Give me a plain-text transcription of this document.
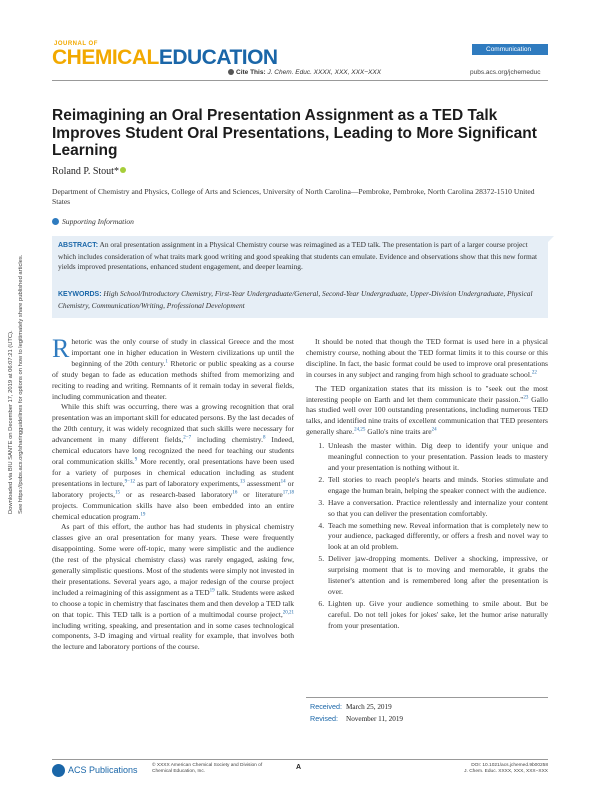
JOURNAL OF
CHEMICALEDUCATION
Cite This: J. Chem. Educ. XXXX, XXX, XXX−XXX
Communication
pubs.acs.org/jchemeduc
Reimagining an Oral Presentation Assignment as a TED Talk Improves Student Oral Presentations, Leading to More Significant Learning
Roland P. Stout*
Department of Chemistry and Physics, College of Arts and Sciences, University of North Carolina—Pembroke, Pembroke, North Carolina 28372-1510 United States
Supporting Information
ABSTRACT: An oral presentation assignment in a Physical Chemistry course was reimagined as a TED talk. The presentation is part of a larger course project which includes consideration of what traits mark good writing and good speaking that students can emulate. Evidence and observations show that this new format yields improved presentations, enhanced student engagement, and deeper learning.
KEYWORDS: High School/Introductory Chemistry, First-Year Undergraduate/General, Second-Year Undergraduate, Upper-Division Undergraduate, Physical Chemistry, Communication/Writing, Professional Development
Downloaded via BIU SANTE on December 17, 2019 at 06:07:21 (UTC). See https://pubs.acs.org/sharingguidelines for options on how to legitimately share published articles. Rhetoric was the only course of study in classical Greece and the most important one in higher education in Western civilizations up until the beginning of the 20th century.$^1$ Rhetoric or public speaking as a course of study began to fade as education methods shifted from memorizing and reciting to reading and writing. Remnants of it remain today in several fields, including communication and theater.

While this shift was occurring, there was a growing recognition that oral presentation was an important skill for educated persons. By the last decades of the 20th century, it was widely recognized that such skills were necessary for advancement in many different fields,$^{2-7}$ including chemistry.$^8$ Indeed, chemical educators have long recognized the need for teaching our students oral communication skills.$^9$ More recently, oral presentations have been used for a variety of purposes in chemical education including as student presentations in lecture,$^{9-12}$ as part of laboratory experiments,$^{13}$ assessment$^{14}$ or laboratory projects,$^{15}$ or as research-based laboratory$^{16}$ or literature$^{17,18}$ projects. Communication skills have also been embedded into an entire chemical education program.$^{19}$

As part of this effort, the author has had students in physical chemistry classes give an oral presentation for many years. These were frequently disappointing. Some were off-topic, many were simplistic and the audience (the rest of the physical chemistry class) was rarely engaged, asking few, generally simplistic questions. Most of the students were simply not invested in their presentations. Several years ago, a major redesign of the course project included a reimagining of this assignment as a TED$^{19}$ talk. Students were asked to choose a topic in chemistry that fascinates them and then develop a TED talk on that topic. This TED talk is a portion of a multimodal course project,$^{20,21}$ including writing, speaking, and presentation and in some cases technological components, 3-D imaging and virtual reality for example, that involves both the lecture and laboratory portions of the course.

It should be noted that though the TED format is used here in a physical chemistry course, nothing about the TED format limits it to this course or this discipline. In fact, the basic format could be used to improve oral presentations in courses in any subject and ranging from high school to graduate school.$^{22}$

The TED organization states that its mission is to "seek out the most interesting people on Earth and let them communicate their passion."$^{23}$ Gallo has studied well over 100 outstanding presentations, including numerous TED talks, and identified nine traits of excellent communication that TED presenters generally share.$^{24,25}$ Gallo's nine traits are$^{24}$

1. Unleash the master within. Dig deep to identify your unique and meaningful connection to your presentation. Passion leads to mastery and your presentation is nothing without it.
2. Tell stories to reach people's hearts and minds. Stories stimulate and engage the human brain, helping the speaker connect with the audience.
3. Have a conversation. Practice relentlessly and internalize your content so that you can deliver the presentation comfortably.
4. Teach me something new. Reveal information that is completely new to your audience, packaged differently, or offers a fresh and novel way to look at an old problem.
5. Deliver jaw-dropping moments. Deliver a shocking, impressive, or surprising moment that is to moving and memorable, it grabs the listener's attention and is remembered long after the presentation is over.
6. Lighten up. Give your audience something to smile about. But be careful. Do not tell jokes for jokes' sake, let the humor arise naturally from your presentation.
Received: March 25, 2019
Revised: November 11, 2019
ACS Publications	© XXXX American Chemical Society and Division of Chemical Education, Inc.
A	DOI: 10.1021/acs.jchemed.9b00258
J. Chem. Educ. XXXX, XXX, XXX−XXX
